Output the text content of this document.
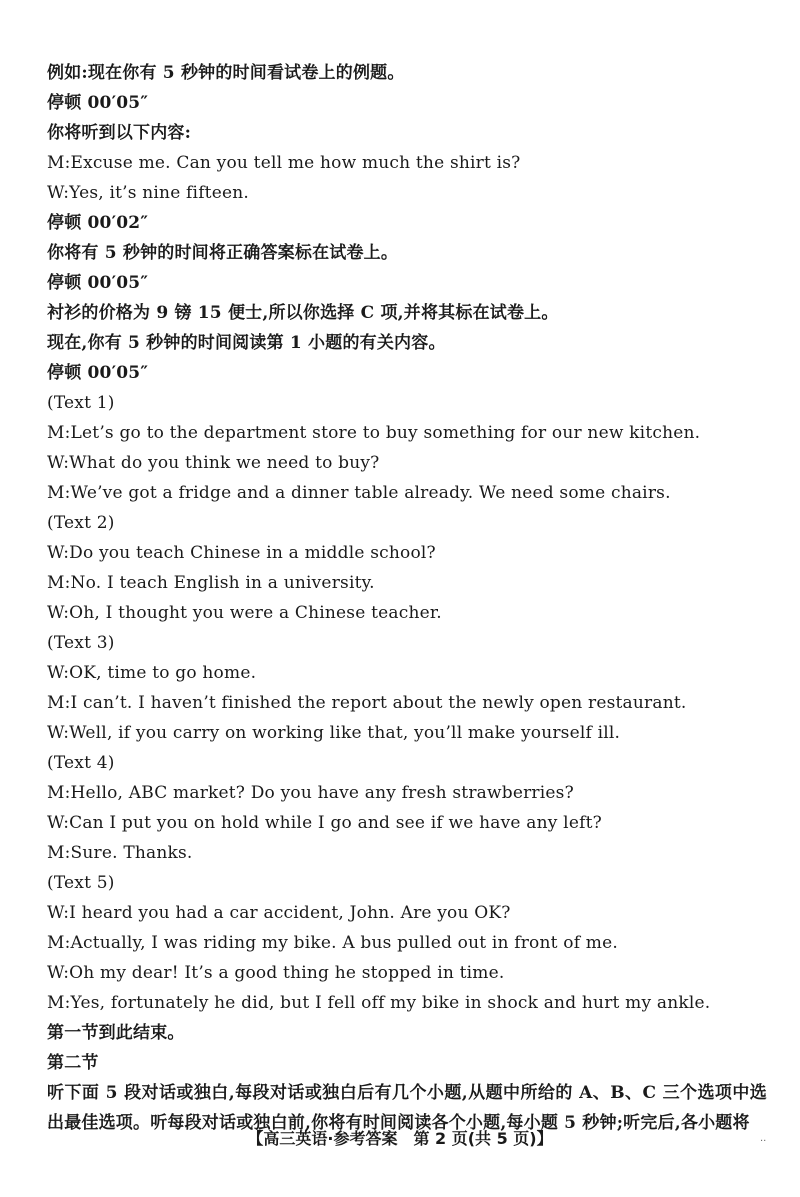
例如:现在你有 5 秒钟的时间看试卷上的例题。
停顿 00′05″
你将听到以下内容:
M:Excuse me. Can you tell me how much the shirt is?
W:Yes, it’s nine fifteen.
停顿 00′02″
你将有 5 秒钟的时间将正确答案标在试卷上。
停顿 00′05″
衬衫的价格为 9 镑 15 便士,所以你选择 C 项,并将其标在试卷上。
现在,你有 5 秒钟的时间阅读第 1 小题的有关内容。
停顿 00′05″
(Text 1)
M:Let’s go to the department store to buy something for our new kitchen.
W:What do you think we need to buy?
M:We’ve got a fridge and a dinner table already. We need some chairs.
(Text 2)
W:Do you teach Chinese in a middle school?
M:No. I teach English in a university.
W:Oh, I thought you were a Chinese teacher.
(Text 3)
W:OK, time to go home.
M:I can’t. I haven’t finished the report about the newly open restaurant.
W:Well, if you carry on working like that, you’ll make yourself ill.
(Text 4)
M:Hello, ABC market? Do you have any fresh strawberries?
W:Can I put you on hold while I go and see if we have any left?
M:Sure. Thanks.
(Text 5)
W:I heard you had a car accident, John. Are you OK?
M:Actually, I was riding my bike. A bus pulled out in front of me.
W:Oh my dear! It’s a good thing he stopped in time.
M:Yes, fortunately he did, but I fell off my bike in shock and hurt my ankle.
第一节到此结束。
第二节
听下面 5 段对话或独白,每段对话或独白后有几个小题,从题中所给的 A、B、C 三个选项中选出最佳选项。听每段对话或独白前,你将有时间阅读各个小题,每小题 5 秒钟;听完后,各小题将
【高三英语·参考答案　第 2 页(共 5 页)】	··
